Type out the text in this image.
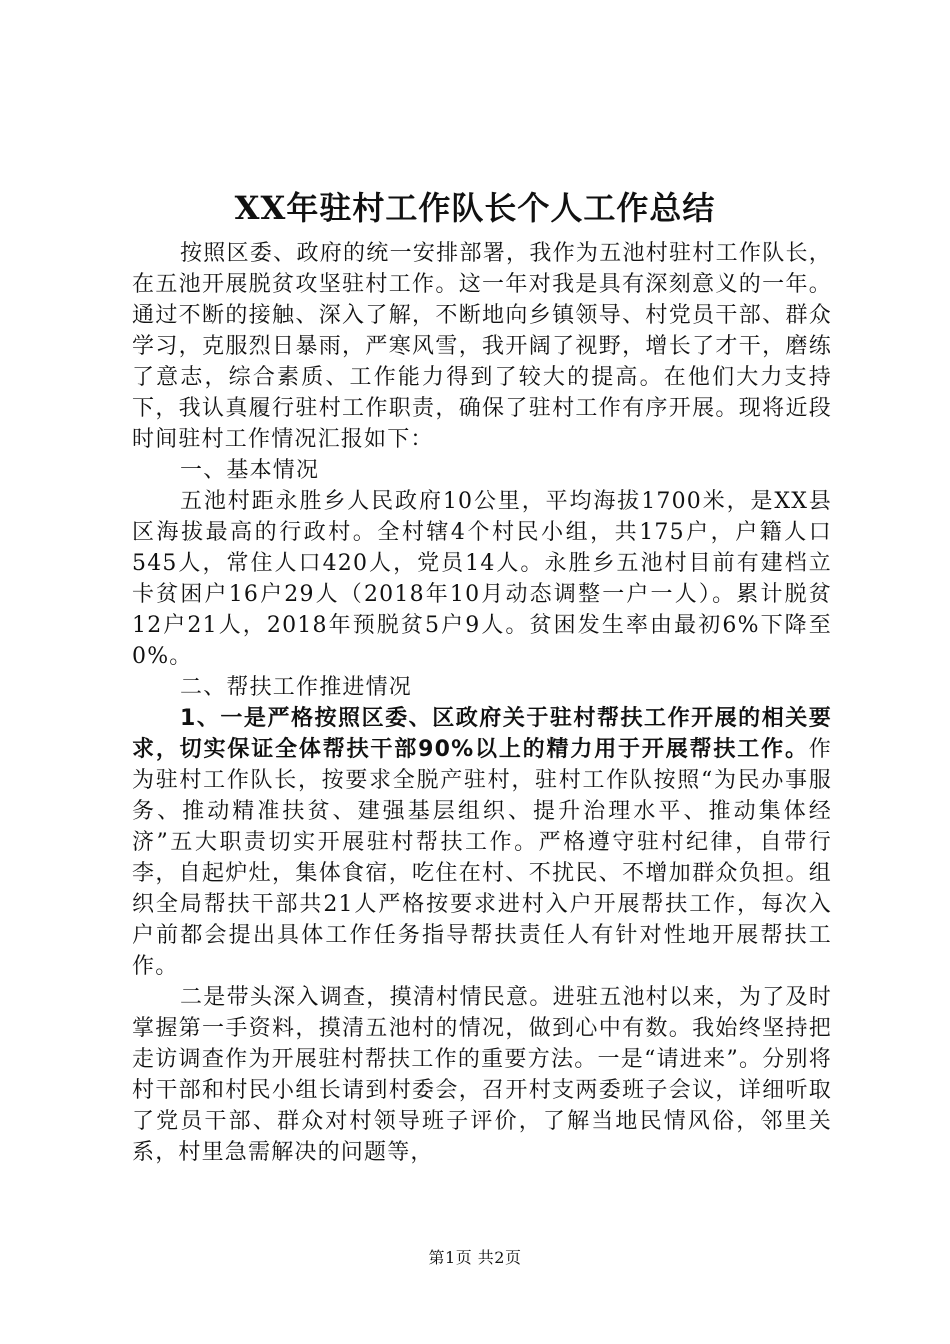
XX年驻村工作队长个人工作总结

按照区委、政府的统一安排部署，我作为五池村驻村工作队长，在五池开展脱贫攻坚驻村工作。这一年对我是具有深刻意义的一年。通过不断的接触、深入了解，不断地向乡镇领导、村党员干部、群众学习，克服烈日暴雨，严寒风雪，我开阔了视野，增长了才干，磨练了意志，综合素质、工作能力得到了较大的提高。在他们大力支持下，我认真履行驻村工作职责，确保了驻村工作有序开展。现将近段时间驻村工作情况汇报如下：

一、基本情况

五池村距永胜乡人民政府10公里，平均海拔1700米，是XX县区海拔最高的行政村。全村辖4个村民小组，共175户，户籍人口545人，常住人口420人，党员14人。永胜乡五池村目前有建档立卡贫困户16户29人（2018年10月动态调整一户一人）。累计脱贫12户21人，2018年预脱贫5户9人。贫困发生率由最初6%下降至0%。

二、帮扶工作推进情况

1、一是严格按照区委、区政府关于驻村帮扶工作开展的相关要求，切实保证全体帮扶干部90%以上的精力用于开展帮扶工作。作为驻村工作队长，按要求全脱产驻村，驻村工作队按照“为民办事服务、推动精准扶贫、建强基层组织、提升治理水平、推动集体经济”五大职责切实开展驻村帮扶工作。严格遵守驻村纪律，自带行李，自起炉灶，集体食宿，吃住在村、不扰民、不增加群众负担。组织全局帮扶干部共21人严格按要求进村入户开展帮扶工作，每次入户前都会提出具体工作任务指导帮扶责任人有针对性地开展帮扶工作。

二是带头深入调查，摸清村情民意。进驻五池村以来，为了及时掌握第一手资料，摸清五池村的情况，做到心中有数。我始终坚持把走访调查作为开展驻村帮扶工作的重要方法。一是“请进来”。分别将村干部和村民小组长请到村委会，召开村支两委班子会议，详细听取了党员干部、群众对村领导班子评价，了解当地民情风俗，邻里关系，村里急需解决的问题等，

第1页 共2页
